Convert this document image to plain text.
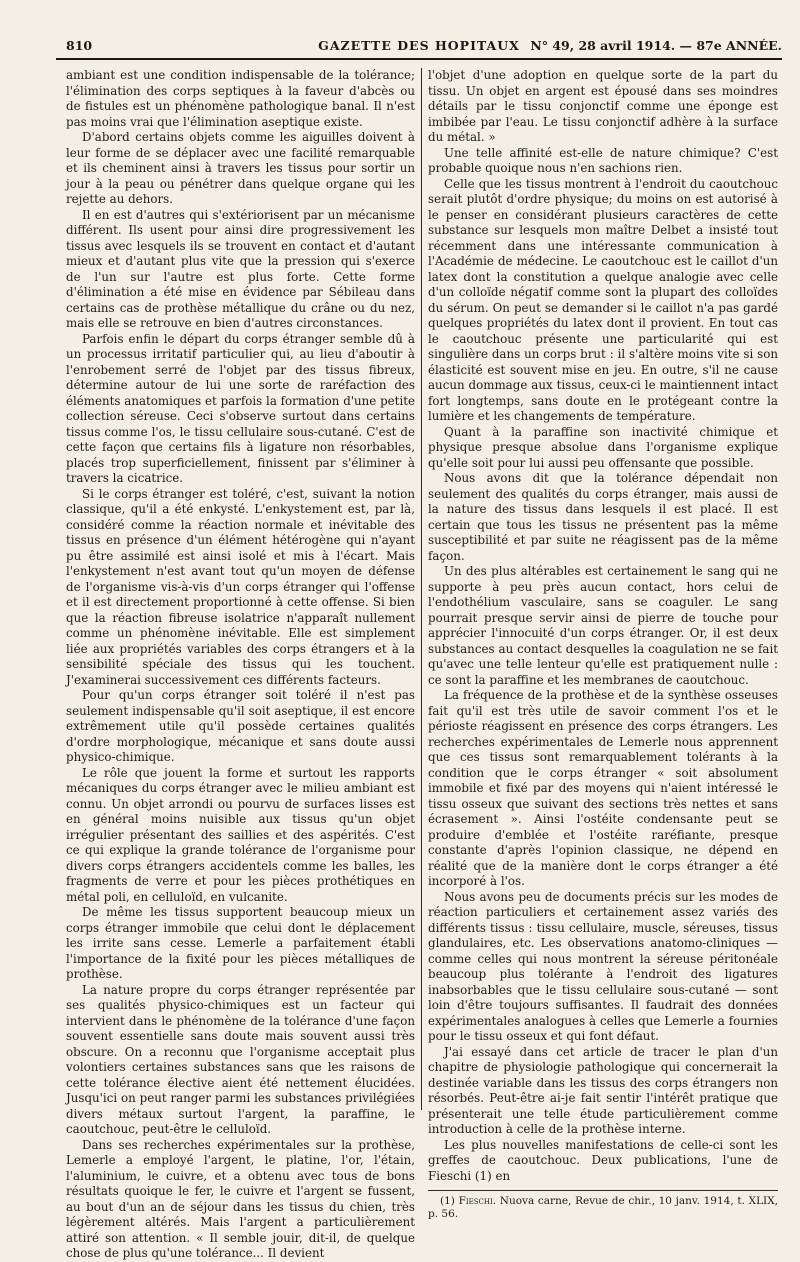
810	GAZETTE DES HOPITAUX N° 49, 28 avril 1914. — 87e ANNÉE.

ambiant est une condition indispensable de la tolérance; l'élimination des corps septiques à la faveur d'abcès ou de fistules est un phénomène pathologique banal. Il n'est pas moins vrai que l'élimination aseptique existe.

D'abord certains objets comme les aiguilles doivent à leur forme de se déplacer avec une facilité remarquable et ils cheminent ainsi à travers les tissus pour sortir un jour à la peau ou pénétrer dans quelque organe qui les rejette au dehors.

Il en est d'autres qui s'extériorisent par un mécanisme différent. Ils usent pour ainsi dire progressivement les tissus avec lesquels ils se trouvent en contact et d'autant mieux et d'autant plus vite que la pression qui s'exerce de l'un sur l'autre est plus forte. Cette forme d'élimination a été mise en évidence par Sébileau dans certains cas de prothèse métallique du crâne ou du nez, mais elle se retrouve en bien d'autres circonstances.

Parfois enfin le départ du corps étranger semble dû à un processus irritatif particulier qui, au lieu d'aboutir à l'enrobement serré de l'objet par des tissus fibreux, détermine autour de lui une sorte de raréfaction des éléments anatomiques et parfois la formation d'une petite collection séreuse. Ceci s'observe surtout dans certains tissus comme l'os, le tissu cellulaire sous-cutané. C'est de cette façon que certains fils à ligature non résorbables, placés trop superficiellement, finissent par s'éliminer à travers la cicatrice.

Si le corps étranger est toléré, c'est, suivant la notion classique, qu'il a été enkysté. L'enkystement est, par là, considéré comme la réaction normale et inévitable des tissus en présence d'un élément hétérogène qui n'ayant pu être assimilé est ainsi isolé et mis à l'écart. Mais l'enkystement n'est avant tout qu'un moyen de défense de l'organisme vis-à-vis d'un corps étranger qui l'offense et il est directement proportionné à cette offense. Si bien que la réaction fibreuse isolatrice n'apparaît nullement comme un phénomène inévitable. Elle est simplement liée aux propriétés variables des corps étrangers et à la sensibilité spéciale des tissus qui les touchent. J'examinerai successivement ces différents facteurs.

Pour qu'un corps étranger soit toléré il n'est pas seulement indispensable qu'il soit aseptique, il est encore extrêmement utile qu'il possède certaines qualités d'ordre morphologique, mécanique et sans doute aussi physico-chimique.

Le rôle que jouent la forme et surtout les rapports mécaniques du corps étranger avec le milieu ambiant est connu. Un objet arrondi ou pourvu de surfaces lisses est en général moins nuisible aux tissus qu'un objet irrégulier présentant des saillies et des aspérités. C'est ce qui explique la grande tolérance de l'organisme pour divers corps étrangers accidentels comme les balles, les fragments de verre et pour les pièces prothétiques en métal poli, en celluloïd, en vulcanite.

De même les tissus supportent beaucoup mieux un corps étranger immobile que celui dont le déplacement les irrite sans cesse. Lemerle a parfaitement établi l'importance de la fixité pour les pièces métalliques de prothèse.

La nature propre du corps étranger représentée par ses qualités physico-chimiques est un facteur qui intervient dans le phénomène de la tolérance d'une façon souvent essentielle sans doute mais souvent aussi très obscure. On a reconnu que l'organisme acceptait plus volontiers certaines substances sans que les raisons de cette tolérance élective aient été nettement élucidées. Jusqu'ici on peut ranger parmi les substances privilégiées divers métaux surtout l'argent, la paraffine, le caoutchouc, peut-être le celluloïd.

Dans ses recherches expérimentales sur la prothèse, Lemerle a employé l'argent, le platine, l'or, l'étain, l'aluminium, le cuivre, et a obtenu avec tous de bons résultats quoique le fer, le cuivre et l'argent se fussent, au bout d'un an de séjour dans les tissus du chien, très légèrement altérés. Mais l'argent a particulièrement attiré son attention. « Il semble jouir, dit-il, de quelque chose de plus qu'une tolérance... Il devient

l'objet d'une adoption en quelque sorte de la part du tissu. Un objet en argent est épousé dans ses moindres détails par le tissu conjonctif comme une éponge est imbibée par l'eau. Le tissu conjonctif adhère à la surface du métal. »

Une telle affinité est-elle de nature chimique? C'est probable quoique nous n'en sachions rien.

Celle que les tissus montrent à l'endroit du caoutchouc serait plutôt d'ordre physique; du moins on est autorisé à le penser en considérant plusieurs caractères de cette substance sur lesquels mon maître Delbet a insisté tout récemment dans une intéressante communication à l'Académie de médecine. Le caoutchouc est le caillot d'un latex dont la constitution a quelque analogie avec celle d'un colloïde négatif comme sont la plupart des colloïdes du sérum. On peut se demander si le caillot n'a pas gardé quelques propriétés du latex dont il provient. En tout cas le caoutchouc présente une particularité qui est singulière dans un corps brut : il s'altère moins vite si son élasticité est souvent mise en jeu. En outre, s'il ne cause aucun dommage aux tissus, ceux-ci le maintiennent intact fort longtemps, sans doute en le protégeant contre la lumière et les changements de température.

Quant à la paraffine son inactivité chimique et physique presque absolue dans l'organisme explique qu'elle soit pour lui aussi peu offensante que possible.

Nous avons dit que la tolérance dépendait non seulement des qualités du corps étranger, mais aussi de la nature des tissus dans lesquels il est placé. Il est certain que tous les tissus ne présentent pas la même susceptibilité et par suite ne réagissent pas de la même façon.

Un des plus altérables est certainement le sang qui ne supporte à peu près aucun contact, hors celui de l'endothélium vasculaire, sans se coaguler. Le sang pourrait presque servir ainsi de pierre de touche pour apprécier l'innocuité d'un corps étranger. Or, il est deux substances au contact desquelles la coagulation ne se fait qu'avec une telle lenteur qu'elle est pratiquement nulle : ce sont la paraffine et les membranes de caoutchouc.

La fréquence de la prothèse et de la synthèse osseuses fait qu'il est très utile de savoir comment l'os et le périoste réagissent en présence des corps étrangers. Les recherches expérimentales de Lemerle nous apprennent que ces tissus sont remarquablement tolérants à la condition que le corps étranger « soit absolument immobile et fixé par des moyens qui n'aient intéressé le tissu osseux que suivant des sections très nettes et sans écrasement ». Ainsi l'ostéite condensante peut se produire d'emblée et l'ostéite raréfiante, presque constante d'après l'opinion classique, ne dépend en réalité que de la manière dont le corps étranger a été incorporé à l'os.

Nous avons peu de documents précis sur les modes de réaction particuliers et certainement assez variés des différents tissus : tissu cellulaire, muscle, séreuses, tissus glandulaires, etc. Les observations anatomo-cliniques — comme celles qui nous montrent la séreuse péritonéale beaucoup plus tolérante à l'endroit des ligatures inabsorbables que le tissu cellulaire sous-cutané — sont loin d'être toujours suffisantes. Il faudrait des données expérimentales analogues à celles que Lemerle a fournies pour le tissu osseux et qui font défaut.

J'ai essayé dans cet article de tracer le plan d'un chapitre de physiologie pathologique qui concernerait la destinée variable dans les tissus des corps étrangers non résorbés. Peut-être ai-je fait sentir l'intérêt pratique que présenterait une telle étude particulièrement comme introduction à celle de la prothèse interne.

Les plus nouvelles manifestations de celle-ci sont les greffes de caoutchouc. Deux publications, l'une de Fieschi (1) en

(1) Fieschi. Nuova carne, Revue de chir., 10 janv. 1914, t. XLIX, p. 56.
